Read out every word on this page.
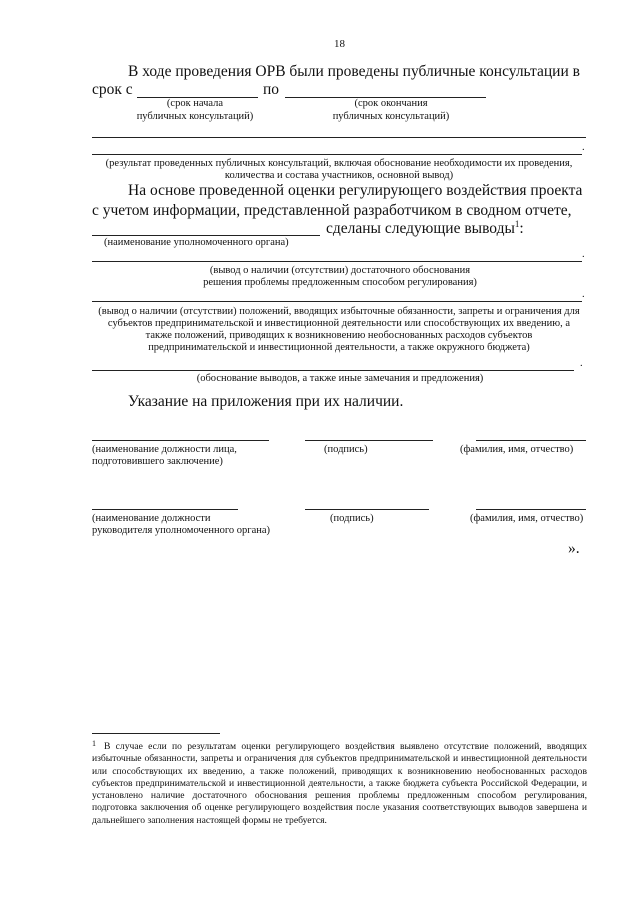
18
В ходе проведения ОРВ были проведены публичные консультации в
срок с	по
(срок начала
публичных консультаций)
(срок окончания
публичных консультаций)
.
(результат проведенных публичных консультаций, включая обоснование необходимости их проведения,
количества и состава участников, основной вывод)
На основе проведенной оценки регулирующего воздействия проекта
с учетом информации, представленной разработчиком в сводном отчете,
сделаны следующие выводы$^1$:
(наименование уполномоченного органа)
.
(вывод о наличии (отсутствии) достаточного обоснования
решения проблемы предложенным способом регулирования)
.
(вывод о наличии (отсутствии) положений, вводящих избыточные обязанности, запреты и ограничения для
субъектов предпринимательской и инвестиционной деятельности или способствующих их введению, а
также положений, приводящих к возникновению необоснованных расходов субъектов
предпринимательской и инвестиционной деятельности, а также окружного бюджета)
.
(обоснование выводов, а также иные замечания и предложения)
Указание на приложения при их наличии.
(наименование должности лица,
подготовившего заключение)
(подпись)	(фамилия, имя, отчество)
(наименование должности
руководителя уполномоченного органа)
(подпись)	(фамилия, имя, отчество)
».
1 В случае если по результатам оценки регулирующего воздействия выявлено отсутствие положений, вводящих избыточные обязанности, запреты и ограничения для субъектов предпринимательской и инвестиционной деятельности или способствующих их введению, а также положений, приводящих к возникновению необоснованных расходов субъектов предпринимательской и инвестиционной деятельности, а также бюджета субъекта Российской Федерации, и установлено наличие достаточного обоснования решения проблемы предложенным способом регулирования, подготовка заключения об оценке регулирующего воздействия после указания соответствующих выводов завершена и дальнейшего заполнения настоящей формы не требуется.
